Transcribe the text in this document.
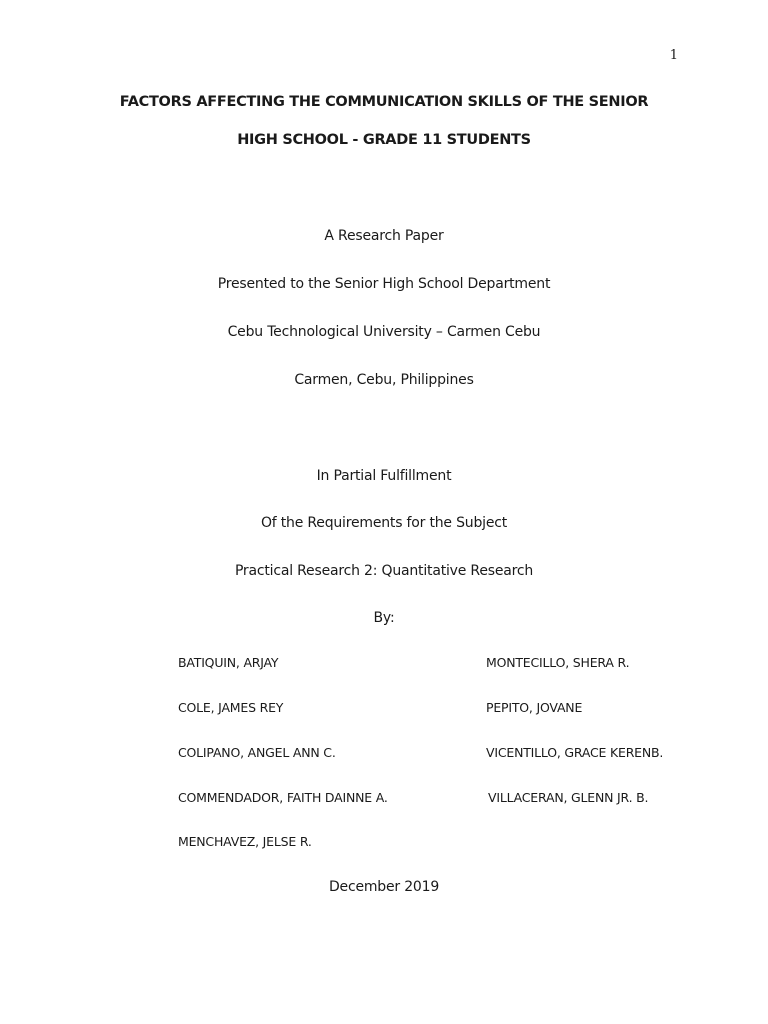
1
FACTORS AFFECTING THE COMMUNICATION SKILLS OF THE SENIOR
HIGH SCHOOL - GRADE 11 STUDENTS
A Research Paper
Presented to the Senior High School Department
Cebu Technological University – Carmen Cebu
Carmen, Cebu, Philippines
In Partial Fulfillment
Of the Requirements for the Subject
Practical Research 2: Quantitative Research
By:
BATIQUIN, ARJAY
COLE, JAMES REY
COLIPANO, ANGEL ANN C.
COMMENDADOR, FAITH DAINNE A.
MENCHAVEZ, JELSE R.
MONTECILLO, SHERA R.
PEPITO, JOVANE
VICENTILLO, GRACE KERENB.
VILLACERAN, GLENN JR. B.
December 2019
